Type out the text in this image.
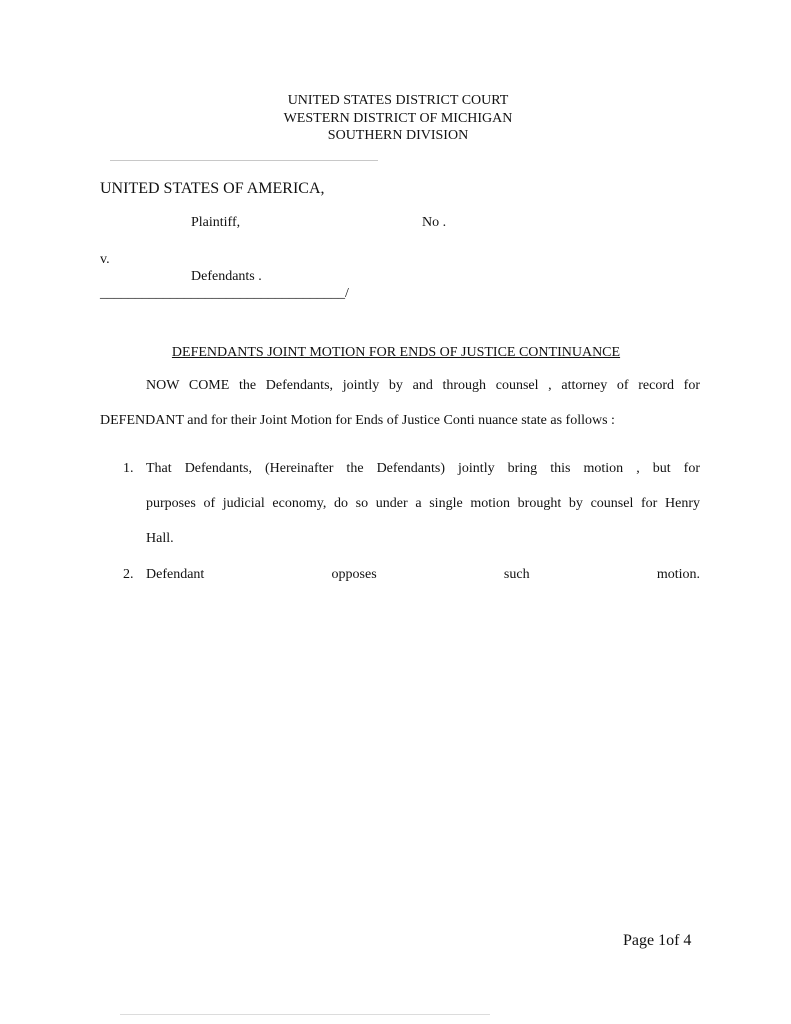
UNITED STATES DISTRICT COURT
WESTERN DISTRICT OF MICHIGAN
SOUTHERN DIVISION
UNITED STATES OF AMERICA,
Plaintiff,	No .
v.
Defendants .
___________________________________/
DEFENDANTS JOINT MOTION FOR ENDS OF JUSTICE CONTINUANCE
NOW COME the Defendants, jointly by and through counsel , attorney of record for
DEFENDANT and for their Joint Motion for Ends of Justice Conti nuance state as follows :
1. That Defendants, (Hereinafter the Defendants) jointly bring this motion , but for
purposes of judicial economy, do so under a single motion brought by counsel for Henry
Hall.
2. Defendant opposes such motion.
Page 1of 4
